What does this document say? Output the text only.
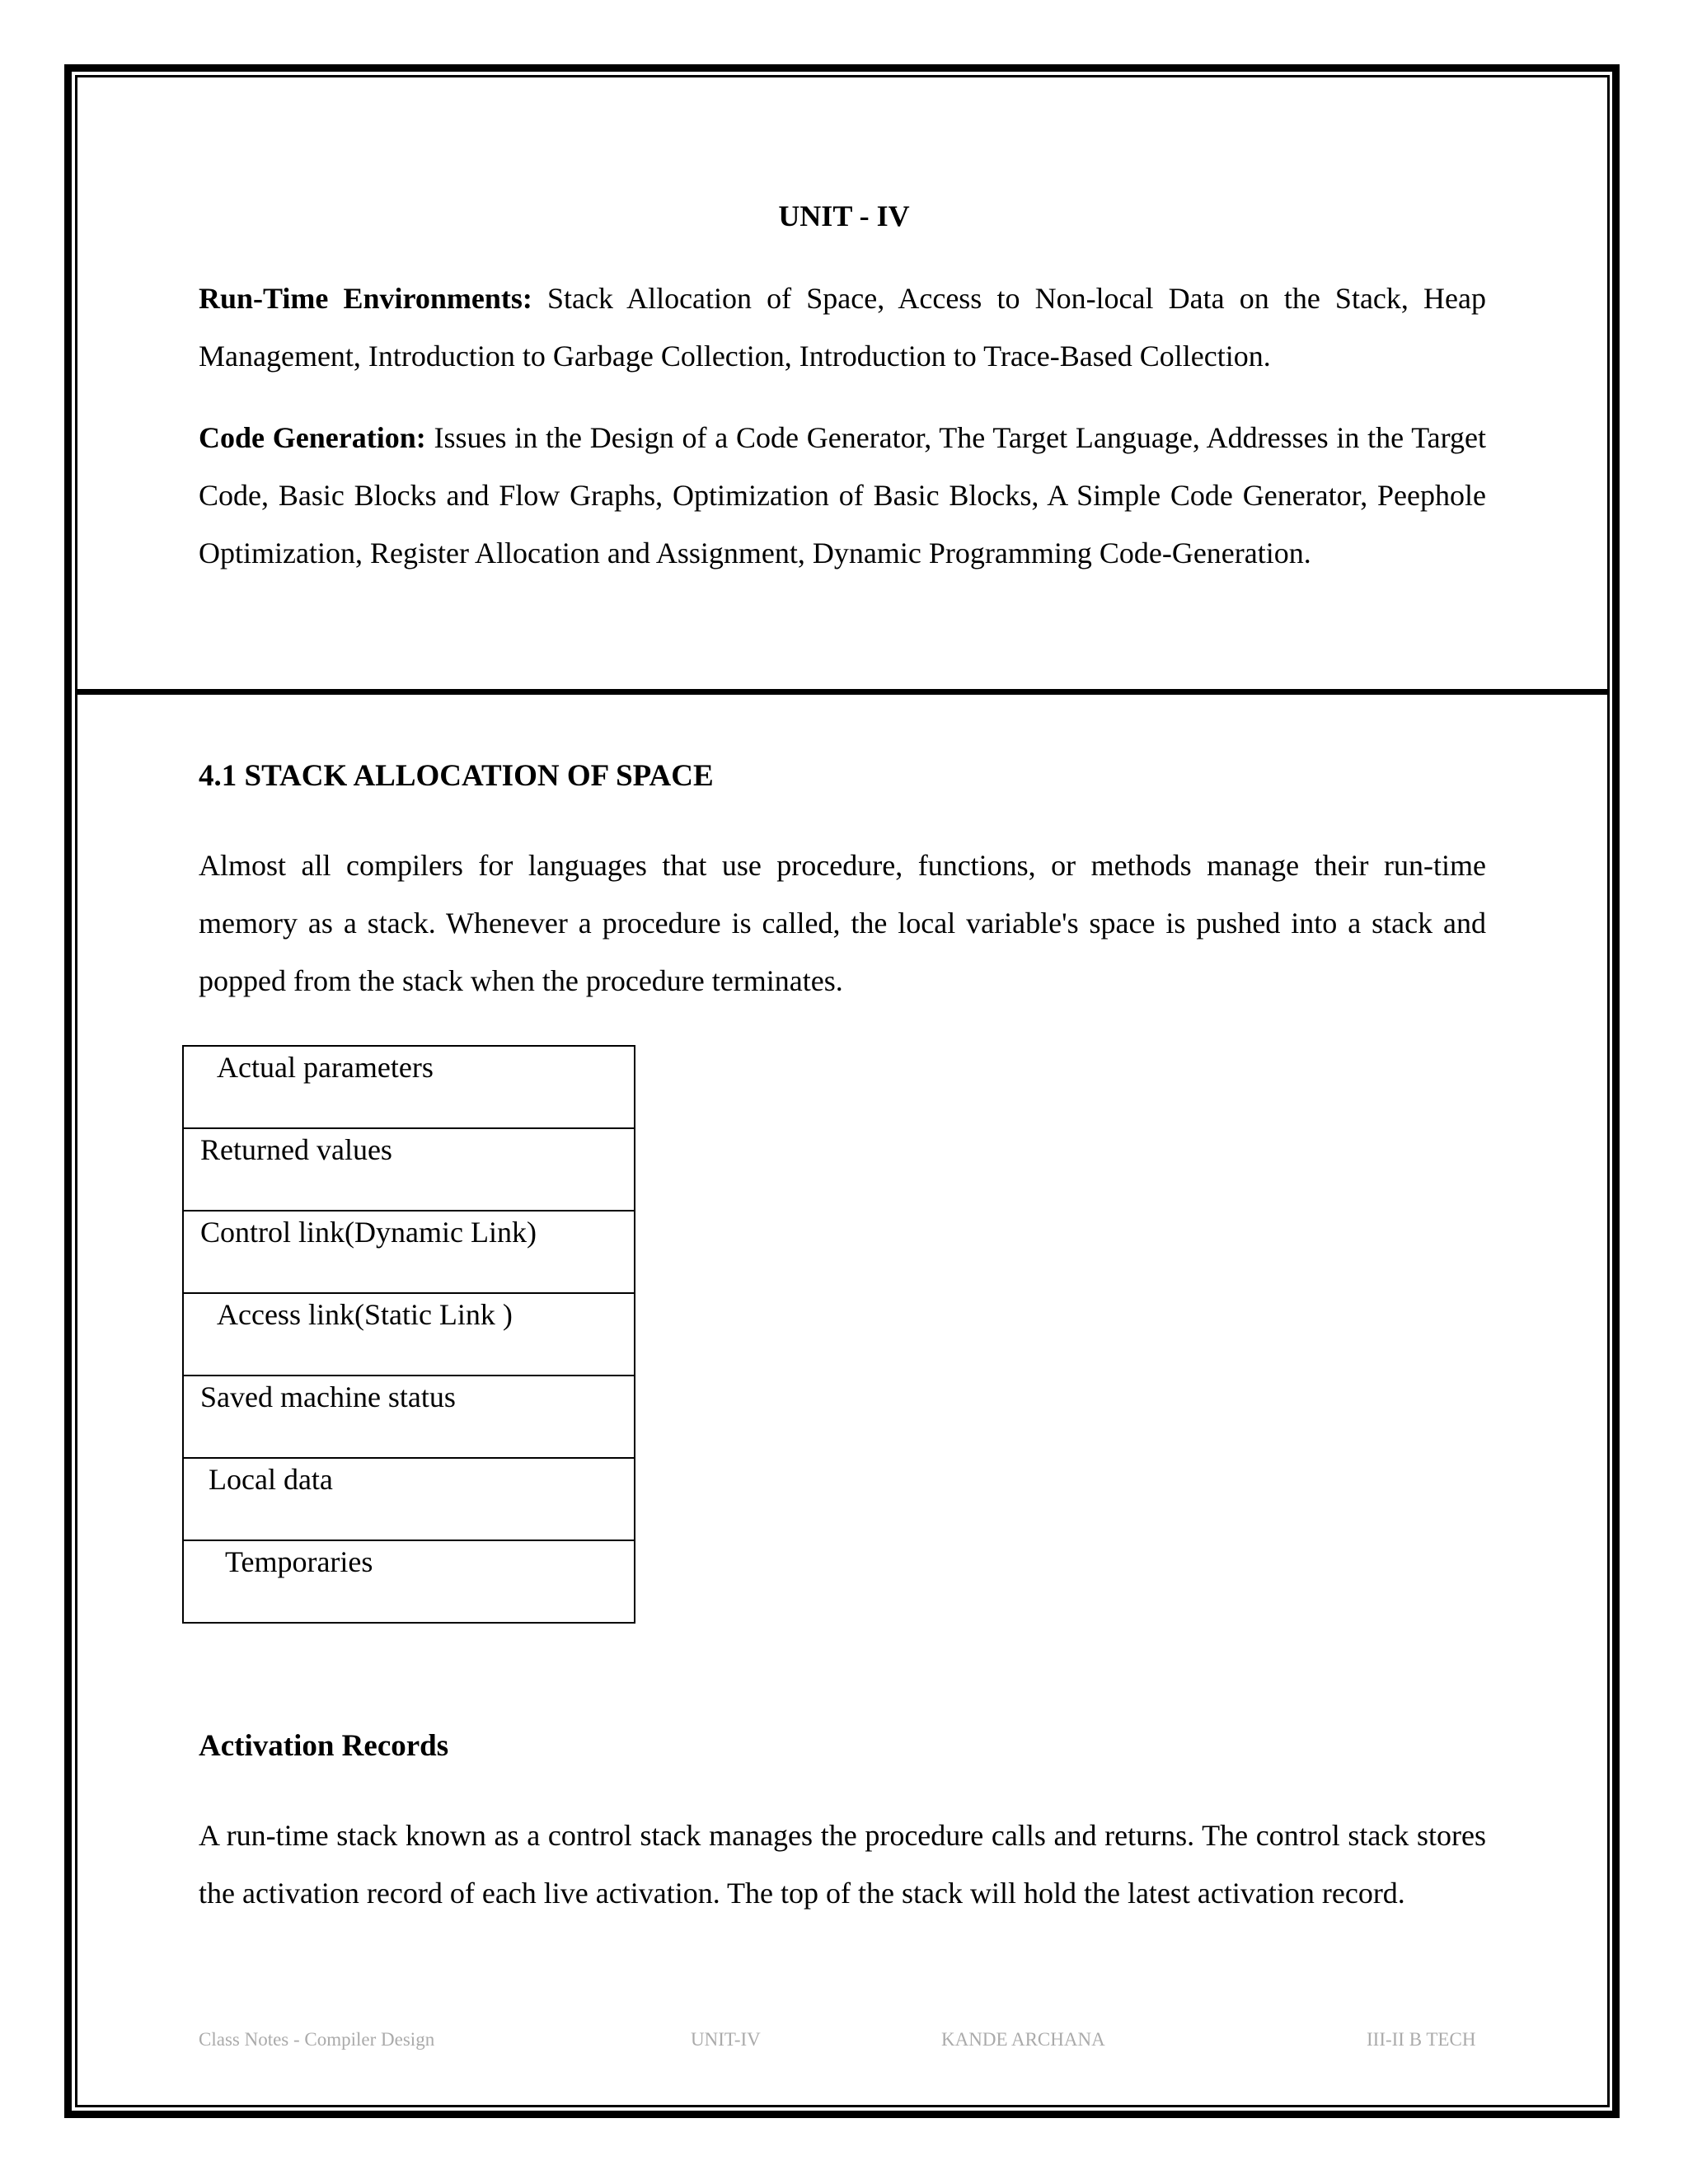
UNIT - IV
Run-Time Environments: Stack Allocation of Space, Access to Non-local Data on the Stack, Heap Management, Introduction to Garbage Collection, Introduction to Trace-Based Collection.
Code Generation: Issues in the Design of a Code Generator, The Target Language, Addresses in the Target Code, Basic Blocks and Flow Graphs, Optimization of Basic Blocks, A Simple Code Generator, Peephole Optimization, Register Allocation and Assignment, Dynamic Programming Code-Generation.
4.1 STACK ALLOCATION OF SPACE
Almost all compilers for languages that use procedure, functions, or methods manage their run-time memory as a stack. Whenever a procedure is called, the local variable's space is pushed into a stack and popped from the stack when the procedure terminates.
Actual parameters
Returned values
Control link(Dynamic Link)
Access link(Static Link )
Saved machine status
Local data
Temporaries
Activation Records
A run-time stack known as a control stack manages the procedure calls and returns. The control stack stores the activation record of each live activation. The top of the stack will hold the latest activation record.
Class Notes - Compiler Design	UNIT-IV	KANDE ARCHANA	III-II B TECH
